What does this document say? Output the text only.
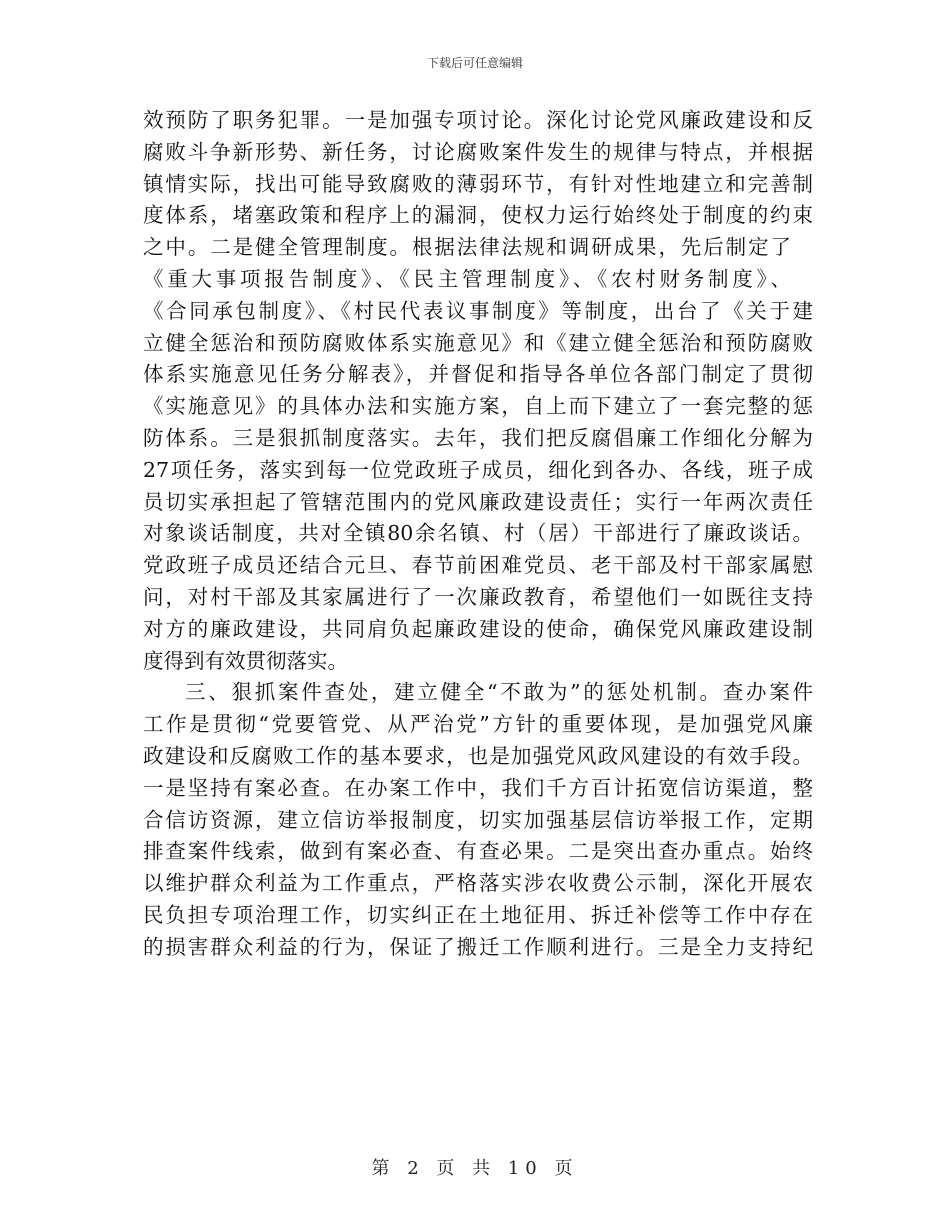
下载后可任意编辑
效预防了职务犯罪。一是加强专项讨论。深化讨论党风廉政建设和反
腐败斗争新形势、新任务，讨论腐败案件发生的规律与特点，并根据
镇情实际，找出可能导致腐败的薄弱环节，有针对性地建立和完善制
度体系，堵塞政策和程序上的漏洞，使权力运行始终处于制度的约束
之中。二是健全管理制度。根据法律法规和调研成果，先后制定了
《重大事项报告制度》、《民主管理制度》、《农村财务制度》、
《合同承包制度》、《村民代表议事制度》等制度，出台了《关于建
立健全惩治和预防腐败体系实施意见》和《建立健全惩治和预防腐败
体系实施意见任务分解表》，并督促和指导各单位各部门制定了贯彻
《实施意见》的具体办法和实施方案，自上而下建立了一套完整的惩
防体系。三是狠抓制度落实。去年，我们把反腐倡廉工作细化分解为
27项任务，落实到每一位党政班子成员，细化到各办、各线，班子成
员切实承担起了管辖范围内的党风廉政建设责任；实行一年两次责任
对象谈话制度，共对全镇80余名镇、村（居）干部进行了廉政谈话。
党政班子成员还结合元旦、春节前困难党员、老干部及村干部家属慰
问，对村干部及其家属进行了一次廉政教育，希望他们一如既往支持
对方的廉政建设，共同肩负起廉政建设的使命，确保党风廉政建设制
度得到有效贯彻落实。
三、狠抓案件查处，建立健全“不敢为”的惩处机制。查办案件
工作是贯彻“党要管党、从严治党”方针的重要体现，是加强党风廉
政建设和反腐败工作的基本要求，也是加强党风政风建设的有效手段。
一是坚持有案必查。在办案工作中，我们千方百计拓宽信访渠道，整
合信访资源，建立信访举报制度，切实加强基层信访举报工作，定期
排查案件线索，做到有案必查、有查必果。二是突出查办重点。始终
以维护群众利益为工作重点，严格落实涉农收费公示制，深化开展农
民负担专项治理工作，切实纠正在土地征用、拆迁补偿等工作中存在
的损害群众利益的行为，保证了搬迁工作顺利进行。三是全力支持纪
第 2 页 共 10 页
